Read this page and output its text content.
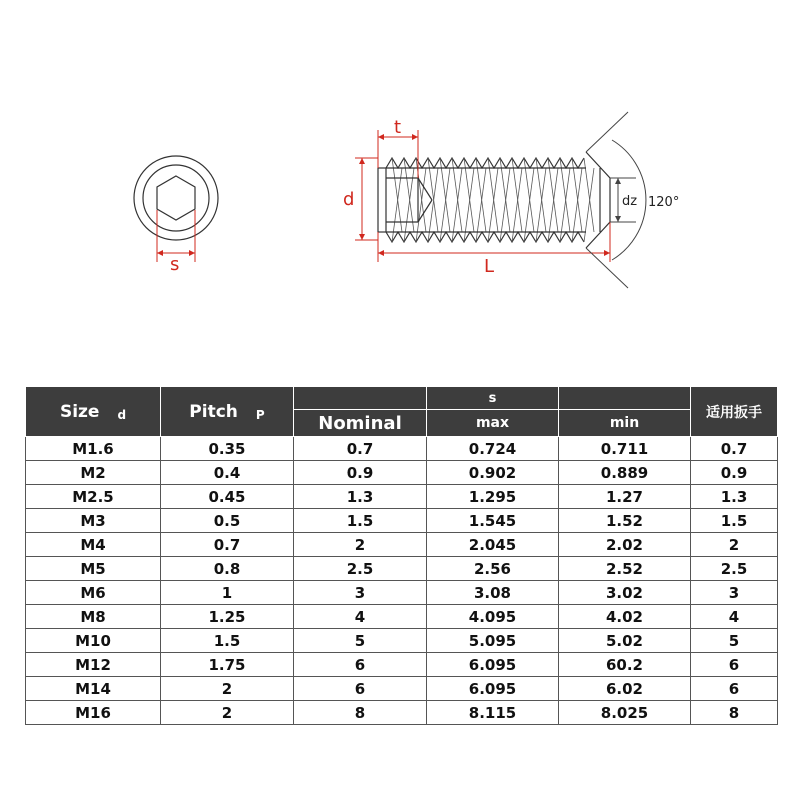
s
t
d
L
dz 120°
Size d	Pitch P		s		适用扳手
		Nominal	max	min	
M1.6	0.35	0.7	0.724	0.711	0.7
M2	0.4	0.9	0.902	0.889	0.9
M2.5	0.45	1.3	1.295	1.27	1.3
M3	0.5	1.5	1.545	1.52	1.5
M4	0.7	2	2.045	2.02	2
M5	0.8	2.5	2.56	2.52	2.5
M6	1	3	3.08	3.02	3
M8	1.25	4	4.095	4.02	4
M10	1.5	5	5.095	5.02	5
M12	1.75	6	6.095	60.2	6
M14	2	6	6.095	6.02	6
M16	2	8	8.115	8.025	8
